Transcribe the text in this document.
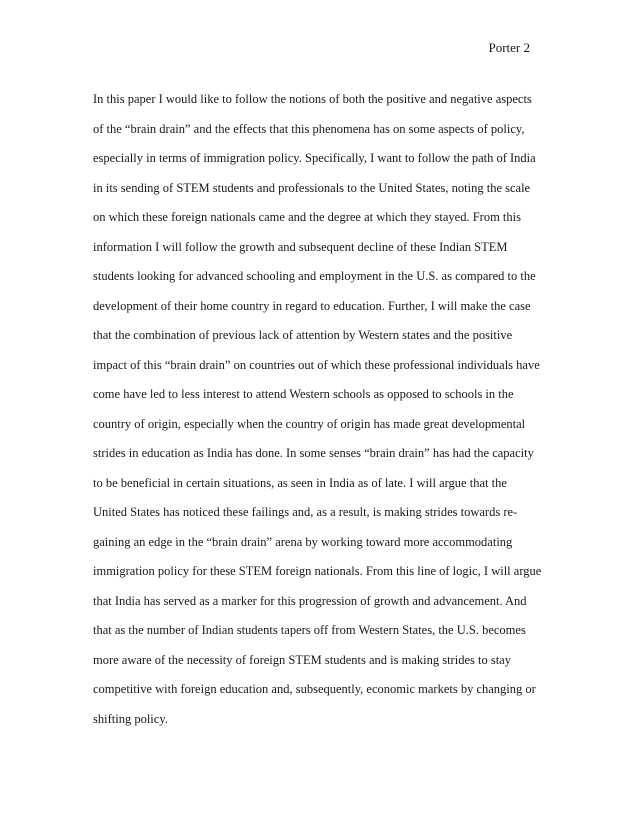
Porter 2
In this paper I would like to follow the notions of both the positive and negative aspects
of the “brain drain” and the effects that this phenomena has on some aspects of policy,
especially in terms of immigration policy. Specifically, I want to follow the path of India
in its sending of STEM students and professionals to the United States, noting the scale
on which these foreign nationals came and the degree at which they stayed. From this
information I will follow the growth and subsequent decline of these Indian STEM
students looking for advanced schooling and employment in the U.S. as compared to the
development of their home country in regard to education. Further, I will make the case
that the combination of previous lack of attention by Western states and the positive
impact of this “brain drain” on countries out of which these professional individuals have
come have led to less interest to attend Western schools as opposed to schools in the
country of origin, especially when the country of origin has made great developmental
strides in education as India has done. In some senses “brain drain” has had the capacity
to be beneficial in certain situations, as seen in India as of late. I will argue that the
United States has noticed these failings and, as a result, is making strides towards re-
gaining an edge in the “brain drain” arena by working toward more accommodating
immigration policy for these STEM foreign nationals. From this line of logic, I will argue
that India has served as a marker for this progression of growth and advancement. And
that as the number of Indian students tapers off from Western States, the U.S. becomes
more aware of the necessity of foreign STEM students and is making strides to stay
competitive with foreign education and, subsequently, economic markets by changing or
shifting policy.
